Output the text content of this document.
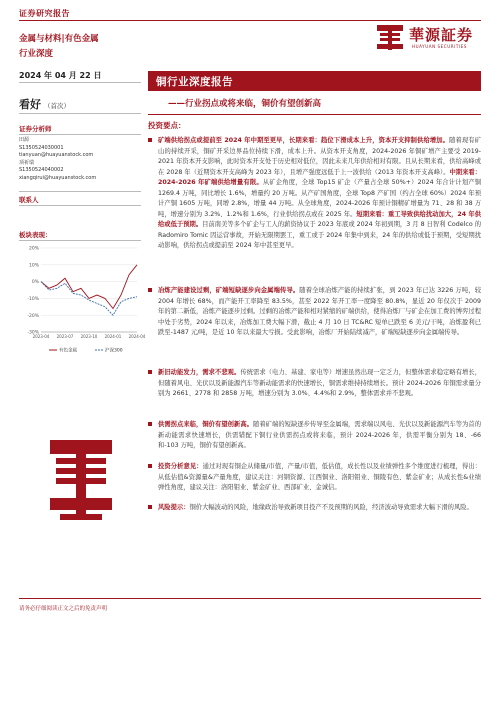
证券研究报告
金属与材料|有色金属
行业深度
華源証券
HUAYUAN SECURITIES
2024 年 04 月 22 日
铜行业深度报告
看好 （首次）	——行业拐点或将来临，铜价有望创新高
投资要点：
证券分析师
田源
S1350524030001
tianyuan@huayuanstock.com
项祈瑞
S1350524040002
xiangqirui@huayuanstock.com
联系人
板块表现：
20%
10%
0%
-10%
-20%
-30%
2023-04 2023-07 2023-10 2024-01 2024-04
有色金属	沪深300

矿端供给拐点或提前至 2024 年中期至更早，长期来看：趋位下滑成本上升，资本开支抑制供给增加。随着现有矿山的持续开采，铜矿开采边界品位持续下滑，成本上升。从资本开支角度，2024-2026 年铜矿增产主要受 2019-2021 年资本开支影响，此时资本开支处于历史相对低位，因此未来几年供给相对有限。且从长期来看，供给高峰或在 2028 年（近期资本开支高峰为 2023 年），且增产强度远低于上一波供给（2013 年资本开支高峰）。中期来看：2024-2026 年矿端供给增量有限。从矿企角度，全球 Top15 矿企（产量占全球 50%+）2024 年合计计划产铜 1269.4 万吨，同比增长 1.6%，增量约 20 万吨。从产矿国角度，全球 Top8 产矿国（约占全球 60%）2024 年预计产铜 1605 万吨，同增 2.8%，增量 44 万吨。从全球角度，2024-2026 年预计铜精矿增量为 71、28 和 38 万吨，增速分别为 3.2%、1.2%和 1.6%，行业供给拐点或在 2025 年。短期来看：重工导致供给扰动加大，24 年供给或低于预期。目前南美等多个矿企与工人的薪资协议于 2023 年底或 2024 年初到期，3 月 8 日智利 Codelco 的 Radomiro Tomic 因运营事故，开始无限期罢工，重工或于 2024 年集中到来，24 年的供给或低于预期，受短期扰动影响，供给拐点或提前至 2024 年中甚至更早。

冶炼产能建设过剩，矿端短缺逐步向金属端传导。随着全球冶炼产能的持续扩张，到 2023 年已达 3226 万吨，较 2004 年增长 68%，而产能开工率降至 83.5%，甚至 2022 年开工率一度降至 80.8%，显近 20 年仅次于 2009 年的第二新低，冶炼产能逐步过剩。过剩的冶炼产能和相对紧缩的矿端供给，使得冶炼厂与矿企在加工费的博弈过程中处于劣势，2024 年以来，冶炼加工费大幅下滑，截止 4 月 10 日 TC&RC 短单已跌至 6 美元/干吨，冶炼盈利已跌至-1487 元/吨，是近 10 年以来最大亏损。受此影响，冶炼厂开始陆续减产，矿端短缺逐步向金属端传导。

新旧动能发力，需求不悲观。传统需求（电力、基建、家电等）增速虽然出现一定乏力，但整体需求稳定略有增长，但随着风电、光伏以及新能源汽车等新动能需求的快速增长，铜需求维持持续增长。预计 2024-2026 年铜需求量分别为 2661、2778 和 2858 万吨，增速分别为 3.0%、4.4%和 2.9%，整体需求并不悲观。

供需拐点来临，铜价有望创新高。随着矿端的短缺逐步传导至金属端，需求端以风电、光伏以及新能源汽车等为首的新动能需求快速增长，供需错配下铜行业供需拐点或将来临，预计 2024-2026 年，供需平衡分别为 18、-66 和-103 万吨，铜价有望创新高。

投资分析意见：通过对现有铜企从储量/市值，产量/市值，低估值，成长性以及业绩弹性多个维度进行梳理，得出：从低估值&资源量&产量角度，建议关注：河钢资源、江西铜业、洛阳钼业、铜陵有色、紫金矿业；从成长性&业绩弹性角度，建议关注：洛阳钼业、紫金矿业、西部矿业、金诚信。

风险提示：铜价大幅波动的风险，地缘政治导致新项目投产不及预期的风险，经济波动导致需求大幅下滑的风险。

请务必仔细阅读正文之后的免责声明
